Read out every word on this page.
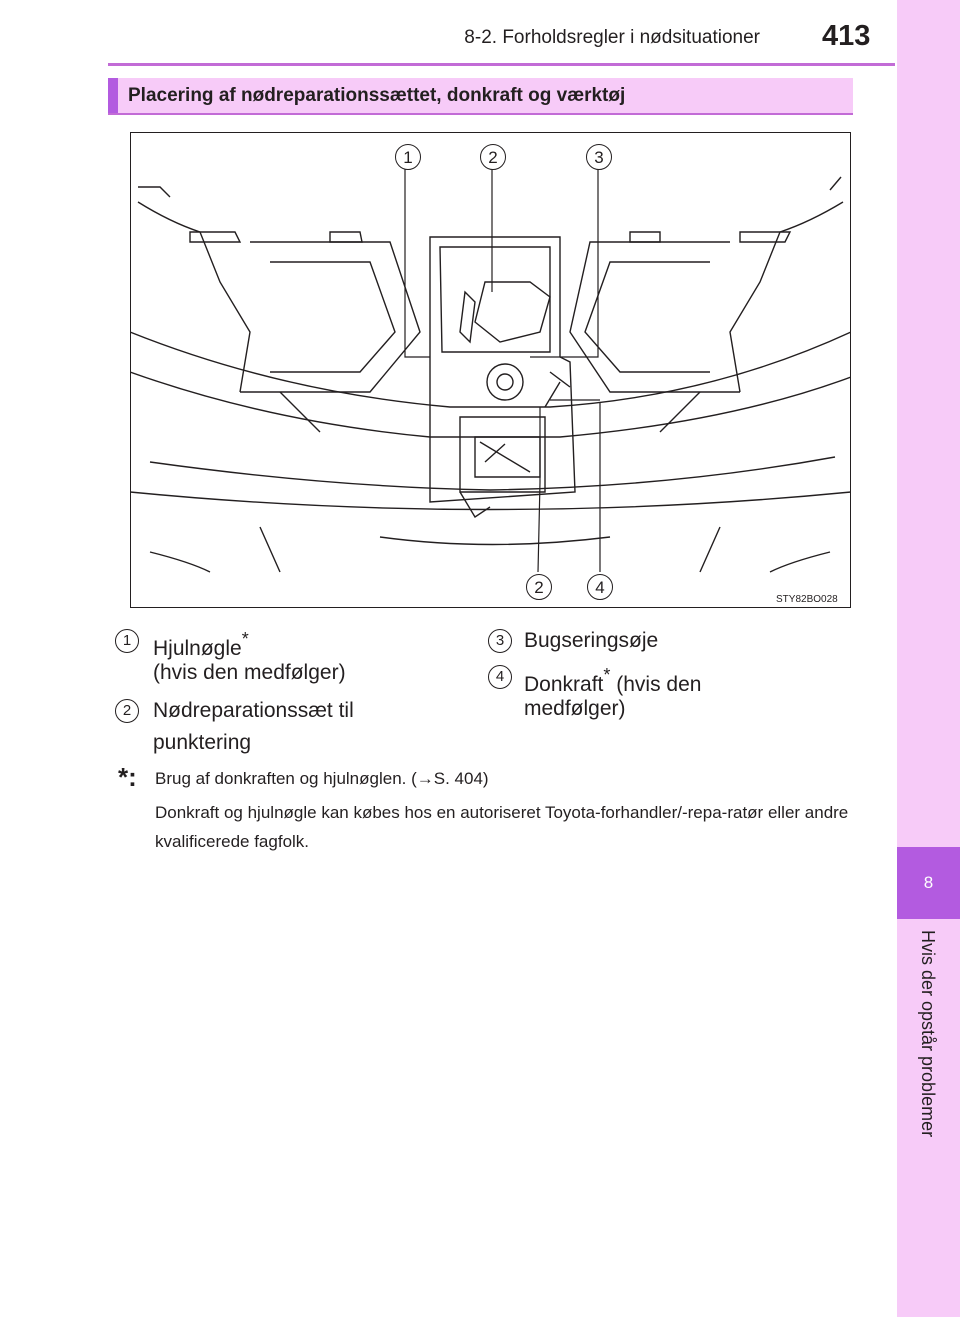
8
Hvis der opstår problemer
8-2. Forholdsregler i nødsituationer 413
Placering af nødreparationssættet, donkraft og værktøj
1	2	3
2	4
STY82BO028
1	Hjulnøgle*
(hvis den medfølger)
2	Nødreparationssæt til
punktering
3 Bugseringsøje
4 Donkraft* (hvis den
medfølger)
*: Brug af donkraften og hjulnøglen. (→S. 404)
Donkraft og hjulnøgle kan købes hos en autoriseret Toyota-forhandler/-repa-ratør eller andre kvalificerede fagfolk.
